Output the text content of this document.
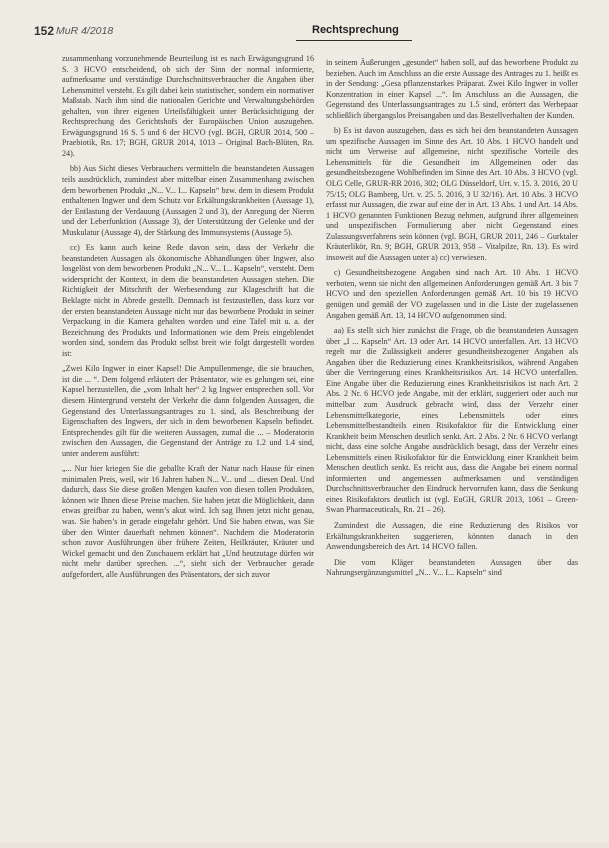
152 MuR 4/2018	Rechtsprechung

zusammenhang vorzunehmende Beurteilung ist es nach Erwägungsgrund 16 S. 3 HCVO entscheidend, ob sich der Sinn der normal informierte, aufmerksame und verständige Durchschnittsverbraucher die Angaben über Lebensmittel versteht. Es gilt dabei kein statistischer, sondern ein normativer Maßstab. Nach ihm sind die nationalen Gerichte und Verwaltungsbehörden gehalten, von ihrer eigenen Urteilsfähigkeit unter Berücksichtigung der Rechtsprechung des Gerichtshofs der Europäischen Union auszugehen. Erwägungsgrund 16 S. 5 und 6 der HCVO (vgl. BGH, GRUR 2014, 500 – Praebiotik, Rn. 17; BGH, GRUR 2014, 1013 – Original Bach-Blüten, Rn. 24).

bb) Aus Sicht dieses Verbrauchers vermitteln die beanstandeten Aussagen teils ausdrücklich, zumindest aber mittelbar einen Zusammenhang zwischen dem beworbenen Produkt „N... V... I... Kapseln“ bzw. dem in diesem Produkt enthaltenen Ingwer und dem Schutz vor Erkältungskrankheiten (Aussage 1), der Entlastung der Verdauung (Aussagen 2 und 3), der Anregung der Nieren und der Leberfunktion (Aussage 3), der Unterstützung der Gelenke und der Muskulatur (Aussage 4), der Stärkung des Immunsystems (Aussage 5).

cc) Es kann auch keine Rede davon sein, dass der Verkehr die beanstandeten Aussagen als ökonomische Abhandlungen über Ingwer, also losgelöst von dem beworbenen Produkt „N... V... I... Kapseln“, versteht. Dem widerspricht der Kontext, in dem die beanstandeten Aussagen stehen. Die Richtigkeit der Mitschrift der Werbesendung zur Klageschrift hat die Beklagte nicht in Abrede gestellt. Demnach ist festzustellen, dass kurz vor der ersten beanstandeten Aussage nicht nur das beworbene Produkt in seiner Verpackung in die Kamera gehalten worden und eine Tafel mit u. a. der Bezeichnung des Produkts und Informationen wie dem Preis eingeblendet worden sind, sondern das Produkt selbst breit wie folgt dargestellt worden ist:

„Zwei Kilo Ingwer in einer Kapsel! Die Ampullenmenge, die sie brauchen, ist die ... “. Dem folgend erläutert der Präsentator, wie es gelungen sei, eine Kapsel herzustellen, die „vom Inhalt her“ 2 kg Ingwer entsprechen soll. Vor diesem Hintergrund versteht der Verkehr die dann folgenden Aussagen, die Gegenstand des Unterlassungsantrages zu 1. sind, als Beschreibung der Eigenschaften des Ingwers, der sich in dem beworbenen Kapseln befindet. Entsprechendes gilt für die weiteren Aussagen, zumal die ... – Moderatorin zwischen den Aussagen, die Gegenstand der Anträge zu 1.2 und 1.4 sind, unter anderem ausführt:

„... Nur hier kriegen Sie die geballte Kraft der Natur nach Hause für einen minimalen Preis, weil, wir 16 Jahren haben N... V... und ... diesen Deal. Und dadurch, dass Sie diese großen Mengen kaufen von diesen tollen Produkten, können wir Ihnen diese Preise machen. Sie haben jetzt die Möglichkeit, dann etwas greifbar zu haben, wenn’s akut wird. Ich sag Ihnen jetzt nicht genau, was. Sie haben’s in gerade eingefahr gehört. Und Sie haben etwas, was Sie über den Winter dauerhaft nehmen können“. Nachdem die Moderatorin schon zuvor Ausführungen über frühere Zeiten, Heilkräuter, Kräuter und Wickel gemacht und den Zuschauern erklärt hat „Und heutzutage dürfen wir nicht mehr darüber sprechen. ...“, sieht sich der Verbraucher gerade aufgefordert, alle Ausführungen des Präsentators, der sich zuvor

in seinem Äußerungen „gesundet“ haben soll, auf das beworbene Produkt zu beziehen. Auch im Anschluss an die erste Aussage des Antrages zu 1. heißt es in der Sendung: „Gesa pflanzenstarkes Präparat. Zwei Kilo Ingwer in voller Konzentration in einer Kapsel ...“. Im Anschluss an die Aussagen, die Gegenstand des Unterlassungsantrages zu 1.5 sind, erörtert das Werbepaar schließlich übergangslos Preisangaben und das Bestellverhalten der Kunden.

b) Es ist davon auszugehen, dass es sich bei den beanstandeten Aussagen um spezifische Aussagen im Sinne des Art. 10 Abs. 1 HCVO handelt und nicht um Verweise auf allgemeine, nicht spezifische Vorteile des Lebensmittels für die Gesundheit im Allgemeinen oder das gesundheitsbezogene Wohlbefinden im Sinne des Art. 10 Abs. 3 HCVO (vgl. OLG Celle, GRUR-RR 2016, 302; OLG Düsseldorf, Urt. v. 15. 3. 2016, 20 U 75/15; OLG Bamberg, Urt. v. 25. 5. 2016, 3 U 32/16). Art. 10 Abs. 3 HCVO erfasst nur Aussagen, die zwar auf eine der in Art. 13 Abs. 1 und Art. 14 Abs. 1 HCVO genannten Funktionen Bezug nehmen, aufgrund ihrer allgemeinen und unspezifischen Formulierung aber nicht Gegenstand eines Zulassungsverfahrens sein können (vgl. BGH, GRUR 2011, 246 – Gurktaler Kräuterlikör, Rn. 9; BGH, GRUR 2013, 958 – Vitalpilze, Rn. 13). Es wird insoweit auf die Aussagen unter a) cc) verwiesen.

c) Gesundheitsbezogene Angaben sind nach Art. 10 Abs. 1 HCVO verboten, wenn sie nicht den allgemeinen Anforderungen gemäß Art. 3 bis 7 HCVO und den speziellen Anforderungen gemäß Art. 10 bis 19 HCVO genügen und gemäß der VO zugelassen und in die Liste der zugelassenen Angaben gemäß Art. 13, 14 HCVO aufgenommen sind.

aa) Es stellt sich hier zunächst die Frage, ob die beanstandeten Aussagen über „I ... Kapseln“ Art. 13 oder Art. 14 HCVO unterfallen. Art. 13 HCVO regelt nur die Zulässigkeit anderer gesundheitsbezogener Angaben als Angaben über die Reduzierung eines Krankheitsrisikos, während Angaben über die Verringerung eines Krankheitsrisikos Art. 14 HCVO unterfallen. Eine Angabe über die Reduzierung eines Krankheitsrisikos ist nach Art. 2 Abs. 2 Nr. 6 HCVO jede Angabe, mit der erklärt, suggeriert oder auch nur mittelbar zum Ausdruck gebracht wird, dass der Verzehr einer Lebensmittelkategorie, eines Lebensmittels oder eines Lebensmittelbestandteils einen Risikofaktor für die Entwicklung einer Krankheit beim Menschen deutlich senkt. Art. 2 Abs. 2 Nr. 6 HCVO verlangt nicht, dass eine solche Angabe ausdrücklich besagt, dass der Verzehr eines Lebensmittels einen Risikofaktor für die Entwicklung einer Krankheit beim Menschen deutlich senkt. Es reicht aus, dass die Angabe bei einem normal informierten und angemessen aufmerksamen und verständigen Durchschnittsverbraucher den Eindruck hervorrufen kann, dass die Senkung eines Risikofaktors deutlich ist (vgl. EuGH, GRUR 2013, 1061 – Green-Swan Pharmaceuticals, Rn. 21 – 26).

Zumindest die Aussagen, die eine Reduzierung des Risikos vor Erkältungskrankheiten suggerieren, könnten danach in den Anwendungsbereich des Art. 14 HCVO fallen.

Die vom Kläger beanstandeten Aussagen über das Nahrungsergänzungsmittel „N... V... I... Kapseln“ sind
